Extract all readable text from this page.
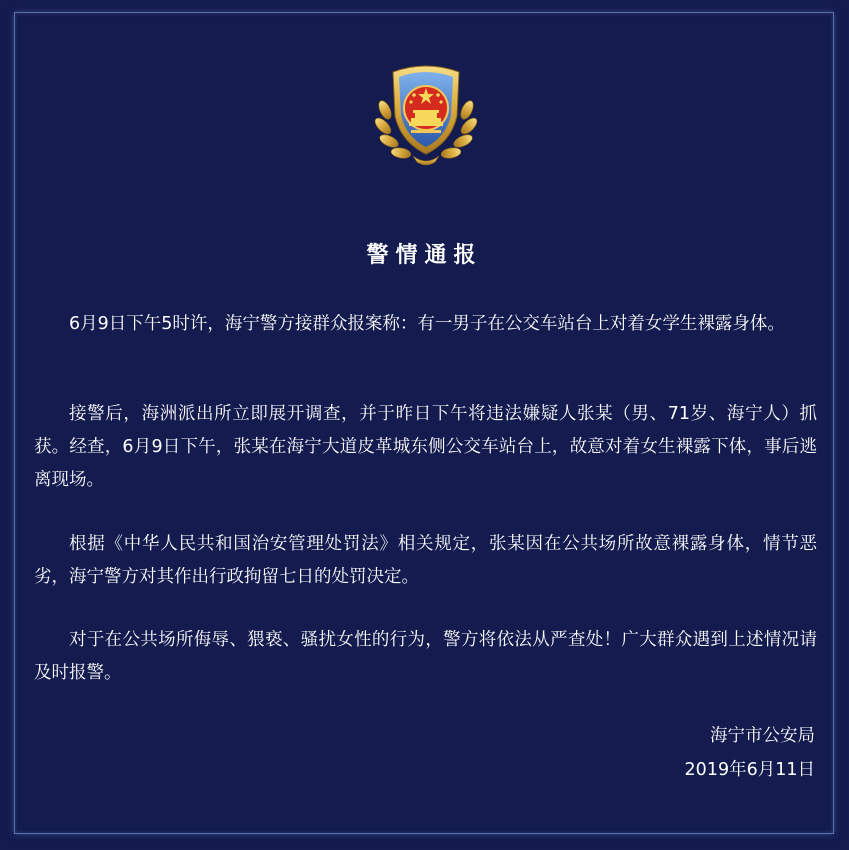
警情通报

6月9日下午5时许，海宁警方接群众报案称：有一男子在公交车站台上对着女学生裸露身体。

接警后，海洲派出所立即展开调查，并于昨日下午将违法嫌疑人张某（男、71岁、海宁人）抓获。经查，6月9日下午，张某在海宁大道皮革城东侧公交车站台上，故意对着女生裸露下体，事后逃离现场。

根据《中华人民共和国治安管理处罚法》相关规定，张某因在公共场所故意裸露身体，情节恶劣，海宁警方对其作出行政拘留七日的处罚决定。

对于在公共场所侮辱、猥亵、骚扰女性的行为，警方将依法从严查处！广大群众遇到上述情况请及时报警。

海宁市公安局
2019年6月11日
